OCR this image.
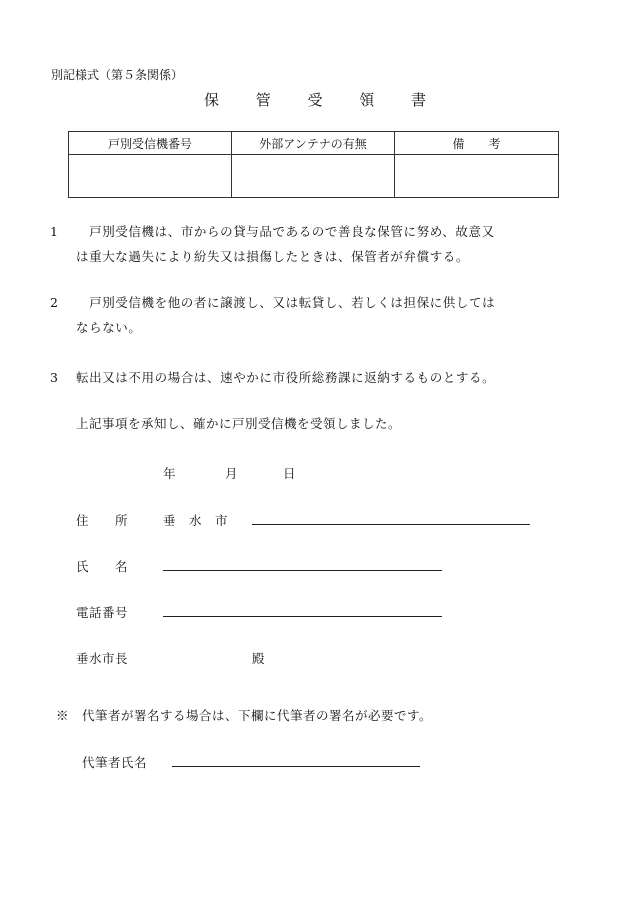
別記様式（第５条関係）
保 管 受 領 書
戸別受信機番号	外部アンテナの有無	備　　考

1　戸別受信機は、市からの貸与品であるので善良な保管に努め、故意又
は重大な過失により紛失又は損傷したときは、保管者が弁償する。
2　戸別受信機を他の者に譲渡し、又は転貸し、若しくは担保に供しては
ならない。
3 転出又は不用の場合は、速やかに市役所総務課に返納するものとする。
上記事項を承知し、確かに戸別受信機を受領しました。
年	月	日
住　　所	垂　水　市
氏　　名
電話番号
垂水市長	殿
※　代筆者が署名する場合は、下欄に代筆者の署名が必要です。
代筆者氏名
